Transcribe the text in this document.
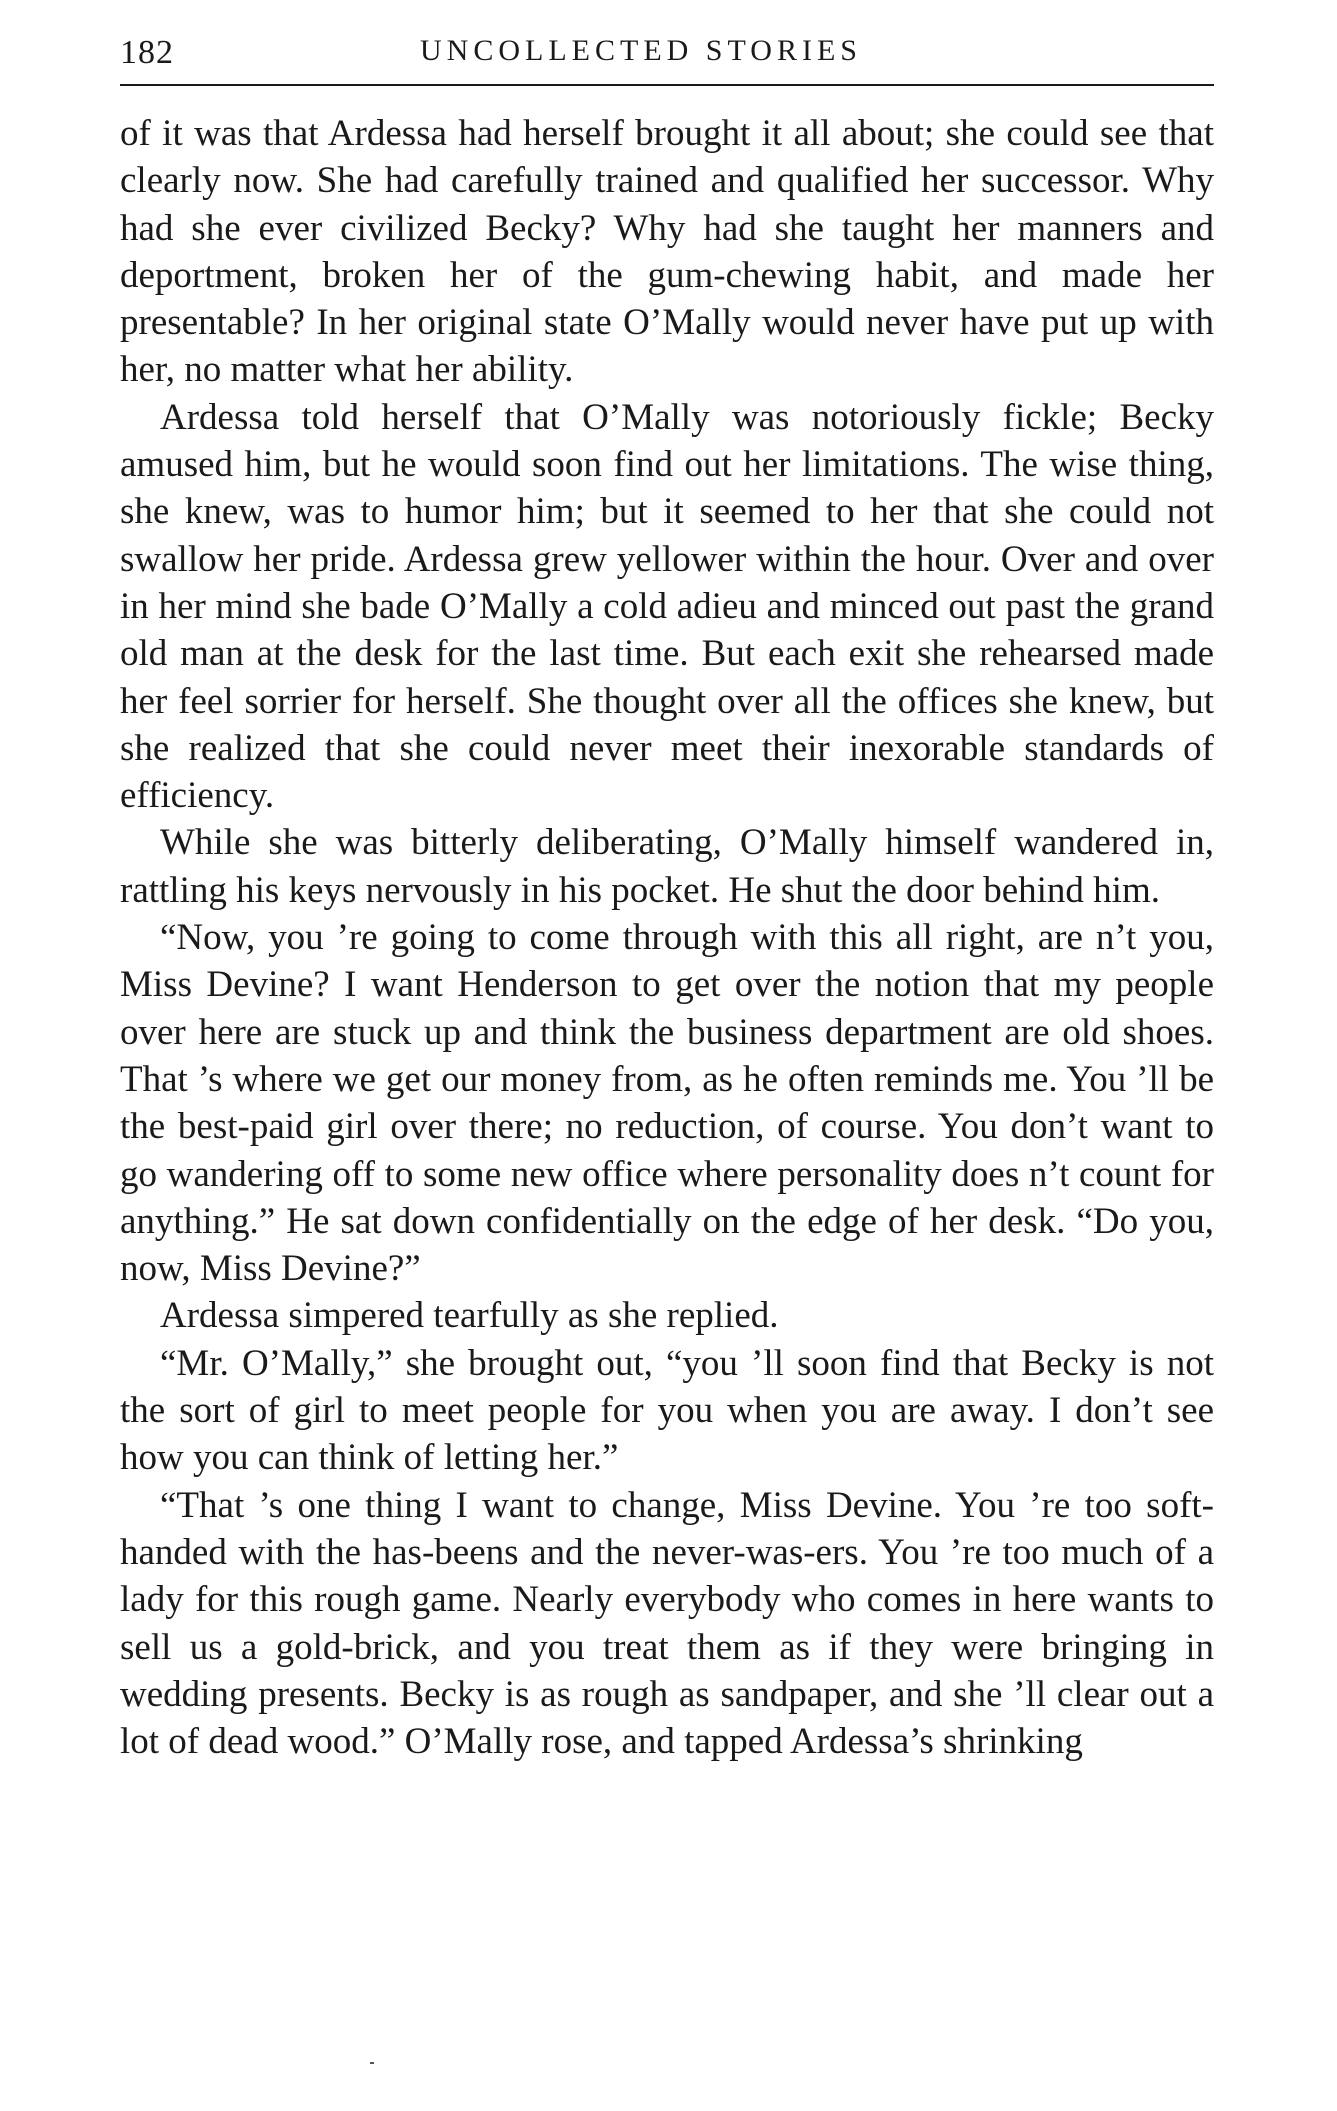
182	UNCOLLECTED STORIES

of it was that Ardessa had herself brought it all about; she could see that clearly now. She had carefully trained and qualified her successor. Why had she ever civilized Becky? Why had she taught her manners and deportment, broken her of the gum-chewing habit, and made her presentable? In her original state O’Mally would never have put up with her, no matter what her ability.

Ardessa told herself that O’Mally was notoriously fickle; Becky amused him, but he would soon find out her limitations. The wise thing, she knew, was to humor him; but it seemed to her that she could not swallow her pride. Ardessa grew yellower within the hour. Over and over in her mind she bade O’Mally a cold adieu and minced out past the grand old man at the desk for the last time. But each exit she rehearsed made her feel sorrier for herself. She thought over all the offices she knew, but she realized that she could never meet their inexorable standards of efficiency.

While she was bitterly deliberating, O’Mally himself wandered in, rattling his keys nervously in his pocket. He shut the door behind him.

“Now, you ’re going to come through with this all right, are n’t you, Miss Devine? I want Henderson to get over the notion that my people over here are stuck up and think the business department are old shoes. That ’s where we get our money from, as he often reminds me. You ’ll be the best-paid girl over there; no reduction, of course. You don’t want to go wandering off to some new office where personality does n’t count for anything.” He sat down confidentially on the edge of her desk. “Do you, now, Miss Devine?”

Ardessa simpered tearfully as she replied.

“Mr. O’Mally,” she brought out, “you ’ll soon find that Becky is not the sort of girl to meet people for you when you are away. I don’t see how you can think of letting her.”

“That ’s one thing I want to change, Miss Devine. You ’re too soft-handed with the has-beens and the never-was-ers. You ’re too much of a lady for this rough game. Nearly everybody who comes in here wants to sell us a gold-brick, and you treat them as if they were bringing in wedding presents. Becky is as rough as sandpaper, and she ’ll clear out a lot of dead wood.” O’Mally rose, and tapped Ardessa’s shrinking
